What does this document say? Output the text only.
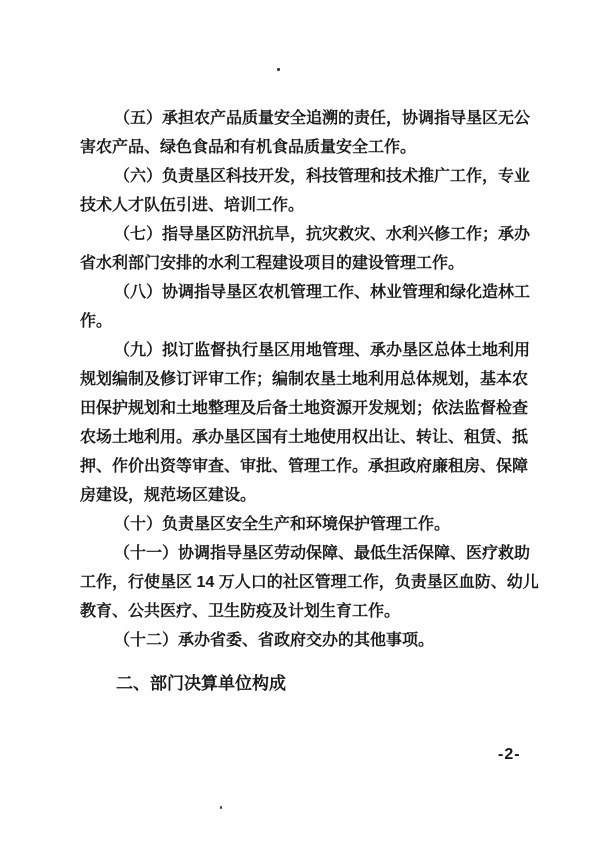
（五）承担农产品质量安全追溯的责任，协调指导垦区无公
害农产品、绿色食品和有机食品质量安全工作。
（六）负责垦区科技开发，科技管理和技术推广工作，专业
技术人才队伍引进、培训工作。
（七）指导垦区防汛抗旱，抗灾救灾、水利兴修工作；承办
省水利部门安排的水利工程建设项目的建设管理工作。
（八）协调指导垦区农机管理工作、林业管理和绿化造林工
作。
（九）拟订监督执行垦区用地管理、承办垦区总体土地利用
规划编制及修订评审工作；编制农垦土地利用总体规划，基本农
田保护规划和土地整理及后备土地资源开发规划；依法监督检查
农场土地利用。承办垦区国有土地使用权出让、转让、租赁、抵
押、作价出资等审查、审批、管理工作。承担政府廉租房、保障
房建设，规范场区建设。
（十）负责垦区安全生产和环境保护管理工作。
（十一）协调指导垦区劳动保障、最低生活保障、医疗救助
工作，行使垦区 14 万人口的社区管理工作，负责垦区血防、幼儿
教育、公共医疗、卫生防疫及计划生育工作。
（十二）承办省委、省政府交办的其他事项。
二、部门决算单位构成
-2-
